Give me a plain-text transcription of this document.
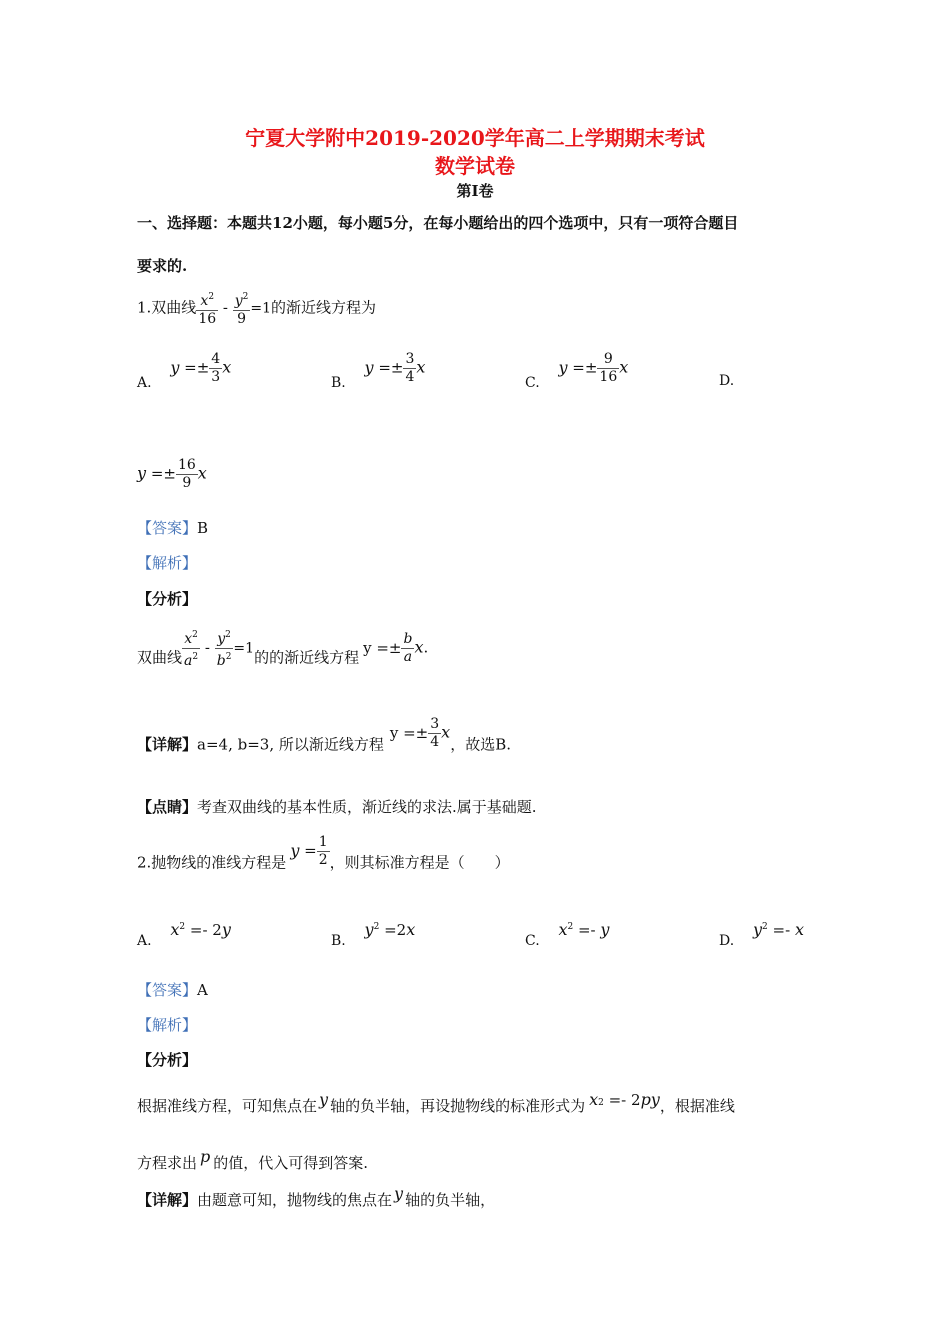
宁夏大学附中2019-2020学年高二上学期期末考试
数学试卷
第Ⅰ卷
一、选择题：本题共12小题，每小题5分，在每小题给出的四个选项中，只有一项符合题目
要求的.
1.双曲线 $\frac{x^2}{16} - \frac{y^2}{9} =1$的渐近线方程为
A. $y =\pm \frac{4}{3}$ x
B. $y =\pm \frac{3}{4}$ x
C. $y =\pm \frac{9}{16}$ x
D.
$y =\pm \frac{16}{9}$ x
【答案】B
【解析】
【分析】
双曲线 $\frac{x^2}{a^2} - \frac{y^2}{b^2} =1$的的渐近线方程$y =\pm \frac{b}{a} x$.
【详解】a=4, b=3, 所以渐近线方程$y =\pm \frac{3}{4}$ x，故选B.
【点睛】考查双曲线的基本性质，渐近线的求法.属于基础题.
2.抛物线的准线方程是$y = \frac{1}{2}$ ，则其标准方程是（　　）
A. $x^2 =- 2y$
B. $y^2 =2x$
C. $x^2 =- y$
D. $y^2 =- x$
【答案】A
【解析】
【分析】
根据准线方程，可知焦点在 y 轴的负半轴，再设抛物线的标准形式为 $x^2 =- 2py$，根据准线
方程求出 p 的值，代入可得到答案.
【详解】由题意可知，抛物线的焦点在 y 轴的负半轴，
